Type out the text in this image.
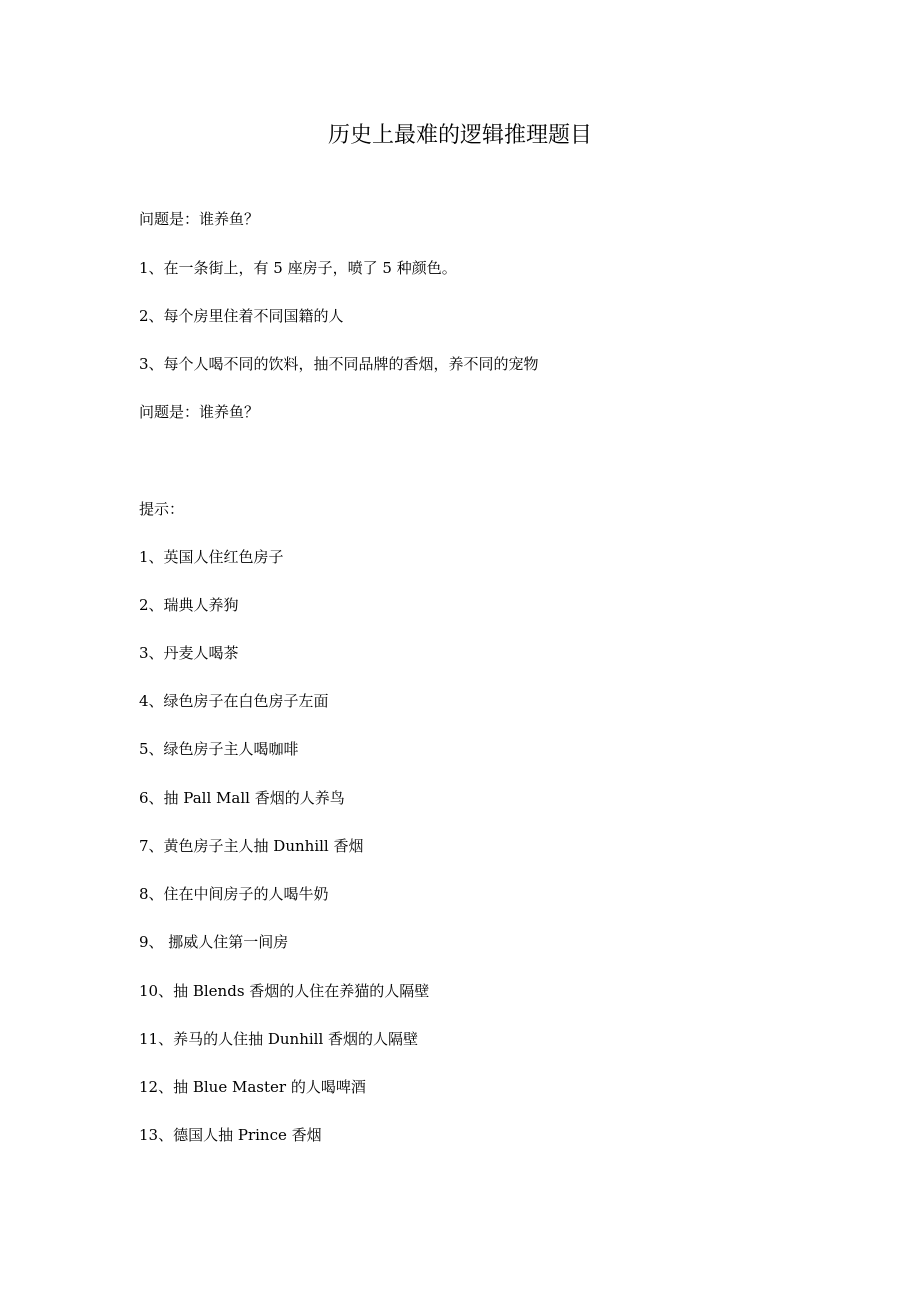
历史上最难的逻辑推理题目
问题是：谁养鱼？
1、在一条街上，有 5 座房子，喷了 5 种颜色。
2、每个房里住着不同国籍的人
3、每个人喝不同的饮料，抽不同品牌的香烟，养不同的宠物
问题是：谁养鱼？
提示：
1、英国人住红色房子
2、瑞典人养狗
3、丹麦人喝茶
4、绿色房子在白色房子左面
5、绿色房子主人喝咖啡
6、抽 Pall Mall 香烟的人养鸟
7、黄色房子主人抽 Dunhill 香烟
8、住在中间房子的人喝牛奶
9、 挪威人住第一间房
10、抽 Blends 香烟的人住在养猫的人隔壁
11、养马的人住抽 Dunhill 香烟的人隔壁
12、抽 Blue Master 的人喝啤酒
13、德国人抽 Prince 香烟
